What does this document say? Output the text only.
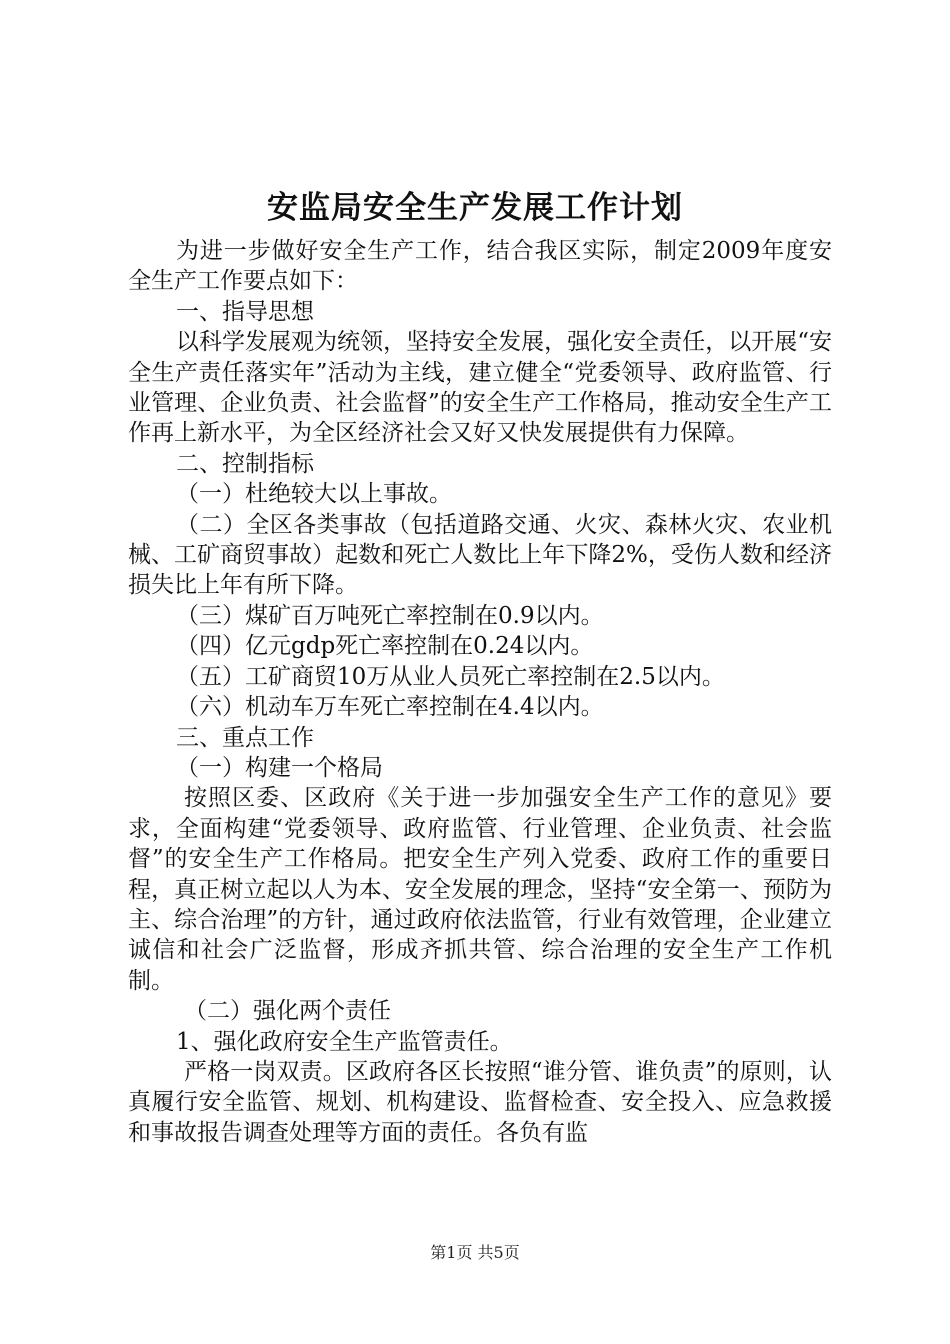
安监局安全生产发展工作计划

为进一步做好安全生产工作，结合我区实际，制定2009年度安全生产工作要点如下：

一、指导思想

以科学发展观为统领，坚持安全发展，强化安全责任，以开展“安全生产责任落实年”活动为主线，建立健全“党委领导、政府监管、行业管理、企业负责、社会监督”的安全生产工作格局，推动安全生产工作再上新水平，为全区经济社会又好又快发展提供有力保障。

二、控制指标

（一）杜绝较大以上事故。

（二）全区各类事故（包括道路交通、火灾、森林火灾、农业机械、工矿商贸事故）起数和死亡人数比上年下降2%，受伤人数和经济损失比上年有所下降。

（三）煤矿百万吨死亡率控制在0.9以内。

（四）亿元gdp死亡率控制在0.24以内。

（五）工矿商贸10万从业人员死亡率控制在2.5以内。

（六）机动车万车死亡率控制在4.4以内。

三、重点工作

（一）构建一个格局

按照区委、区政府《关于进一步加强安全生产工作的意见》要求，全面构建“党委领导、政府监管、行业管理、企业负责、社会监督”的安全生产工作格局。把安全生产列入党委、政府工作的重要日程，真正树立起以人为本、安全发展的理念，坚持“安全第一、预防为主、综合治理”的方针，通过政府依法监管，行业有效管理，企业建立诚信和社会广泛监督，形成齐抓共管、综合治理的安全生产工作机制。

（二）强化两个责任

1、强化政府安全生产监管责任。

严格一岗双责。区政府各区长按照“谁分管、谁负责”的原则，认真履行安全监管、规划、机构建设、监督检查、安全投入、应急救援和事故报告调查处理等方面的责任。各负有监

第1页 共5页
